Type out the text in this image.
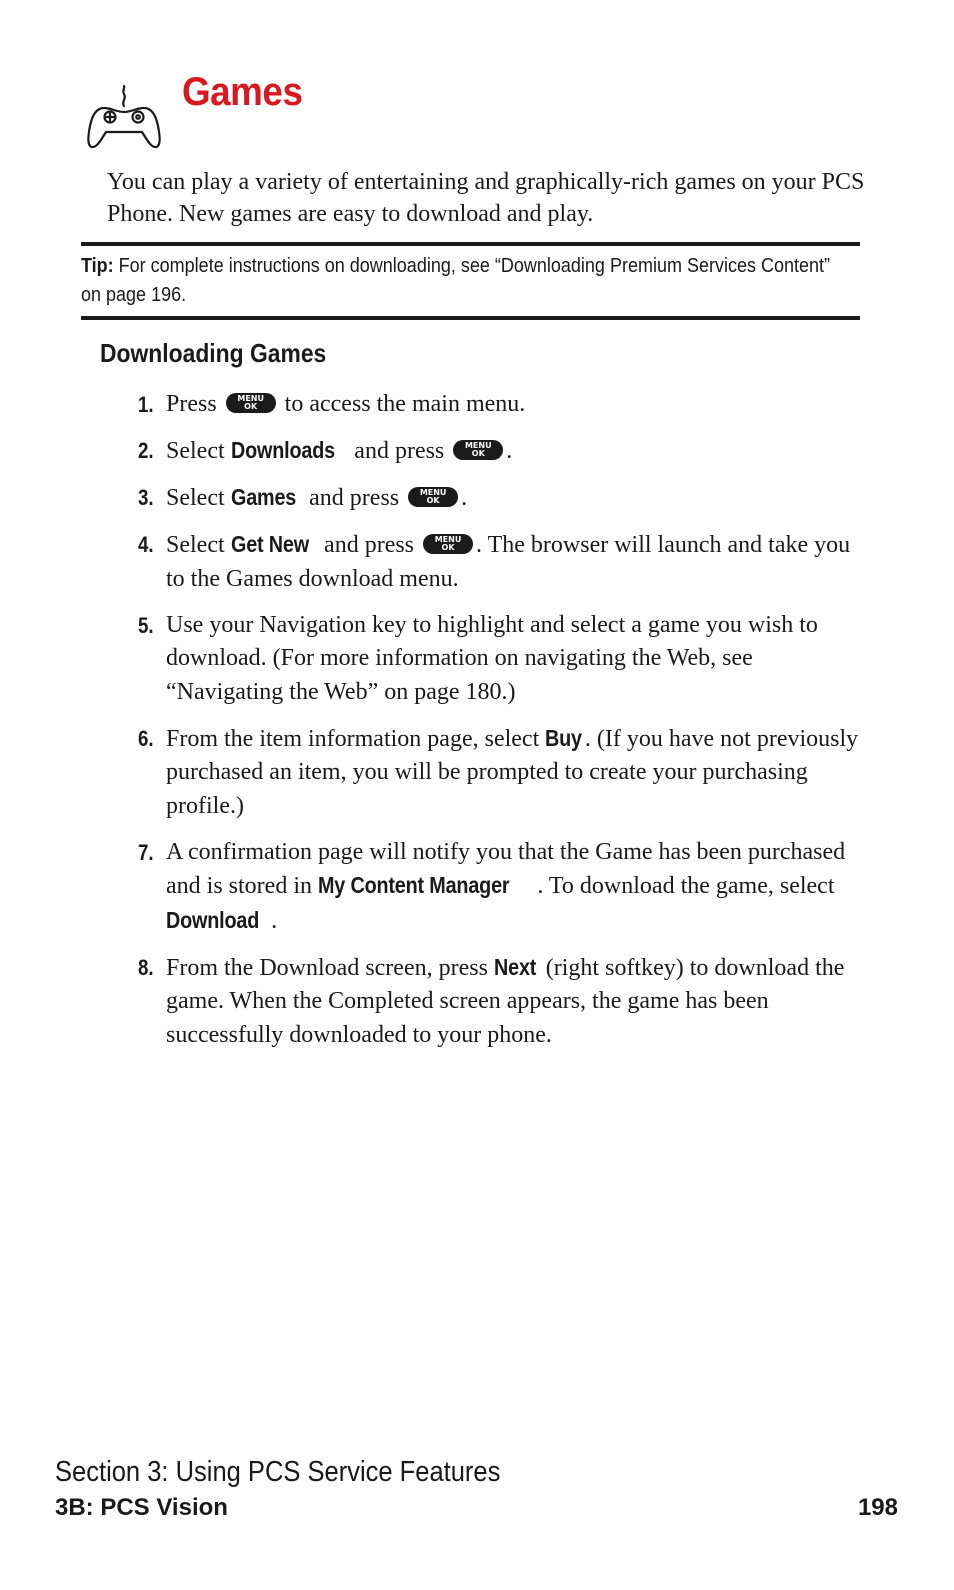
Games

You can play a variety of entertaining and graphically-rich games on your PCS Phone. New games are easy to download and play.

Tip: For complete instructions on downloading, see “Downloading Premium Services Content” on page 196.

Downloading Games
1. Press	MENU
OK to access the main menu.
2. Select Downloads and press	MENU
OK .
3. Select Games and press	MENU
OK .
4. Select Get New and press	MENU
OK . The browser will launch and take you to the Games download menu.
5. Use your Navigation key to highlight and select a game you wish to download. (For more information on navigating the Web, see “Navigating the Web” on page 180.)
6. From the item information page, select Buy . (If you have not previously purchased an item, you will be prompted to create your purchasing profile.)
7. A confirmation page will notify you that the Game has been purchased and is stored in My Content Manager . To download the game, select Download .
8. From the Download screen, press Next (right softkey) to download the game. When the Completed screen appears, the game has been successfully downloaded to your phone.

Section 3: Using PCS Service Features

3B: PCS Vision	198
